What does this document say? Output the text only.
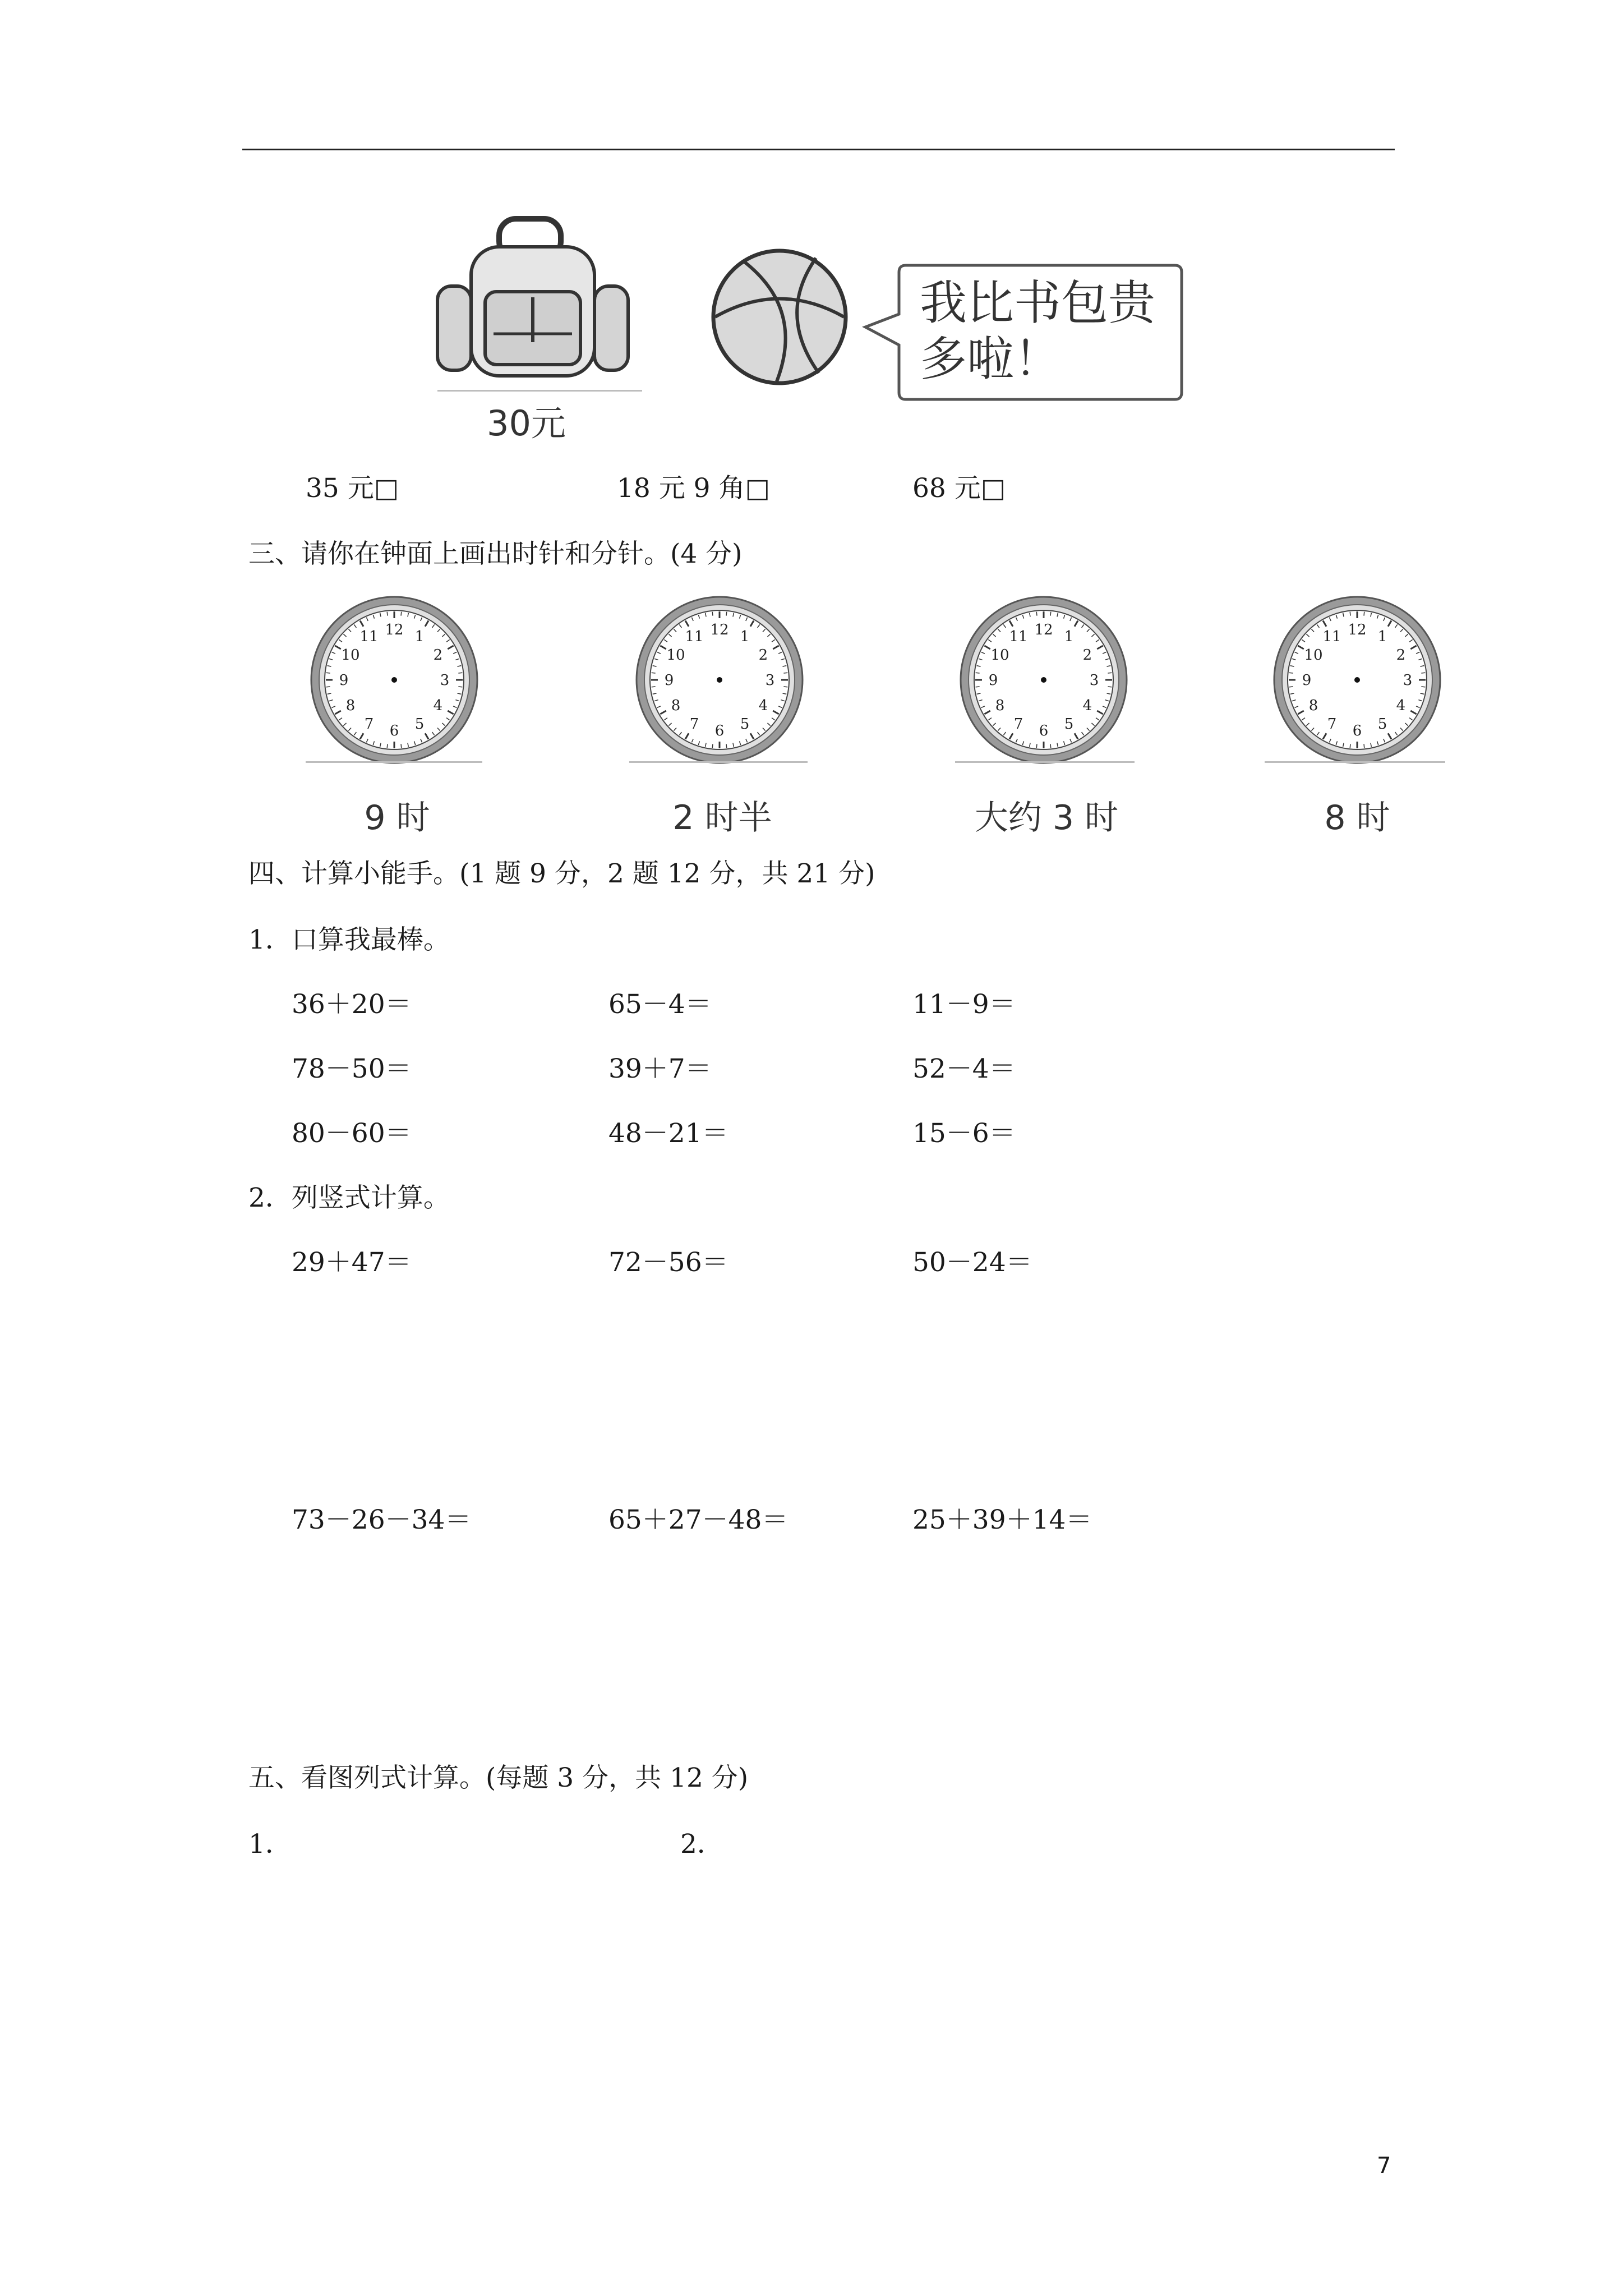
30元
我比书包贵
多啦！
35 元□	18 元 9 角□	68 元□
三、请你在钟面上画出时针和分针。(4 分)
12 1
2
3
4
5
6
7
8
9
10
11	12 1
2
3
4
5
6
7
8
9
10
11	12 1
2
3
4
5
6
7
8
9
10
11	12 1
2
3
4
5
6
7
8
9
10
11
9 时	2 时半	大约 3 时	8 时
四、计算小能手。(1 题 9 分，2 题 12 分，共 21 分)
1．口算我最棒。
36＋20＝	65－4＝	11－9＝
78－50＝	39＋7＝	52－4＝
80－60＝	48－21＝	15－6＝
2．列竖式计算。
29＋47＝	72－56＝	50－24＝
73－26－34＝	65＋27－48＝	25＋39＋14＝
五、看图列式计算。(每题 3 分，共 12 分)
1．	2．
7
